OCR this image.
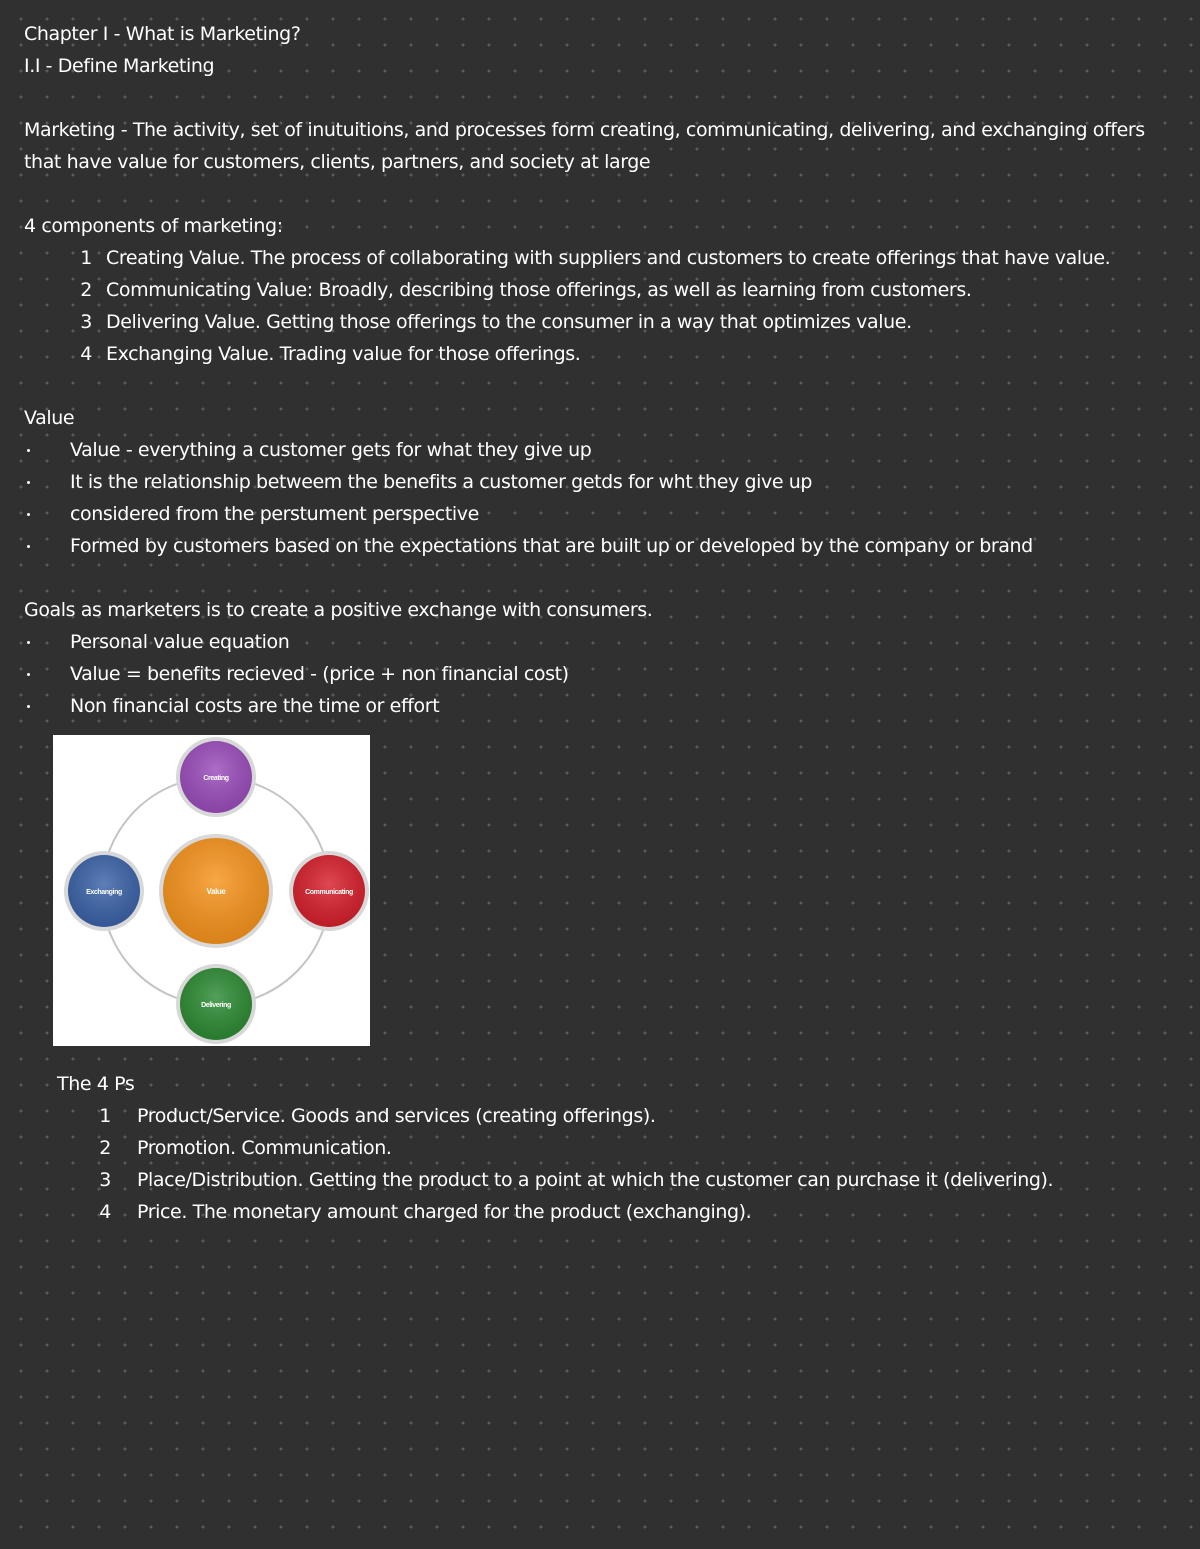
Chapter I - What is Marketing?
I.I - Define Marketing
Marketing - The activity, set of inutuitions, and processes form creating, communicating, delivering, and exchanging offers that have value for customers, clients, partners, and society at large
4 components of marketing:
1 Creating Value. The process of collaborating with suppliers and customers to create offerings that have value.
2 Communicating Value: Broadly, describing those offerings, as well as learning from customers.
3 Delivering Value. Getting those offerings to the consumer in a way that optimizes value.
4 Exchanging Value. Trading value for those offerings.
Value
Value - everything a customer gets for what they give up
It is the relationship betweem the benefits a customer getds for wht they give up
considered from the perstument perspective
Formed by customers based on the expectations that are built up or developed by the company or brand
Goals as marketers is to create a positive exchange with consumers.
Personal value equation
Value = benefits recieved - (price + non financial cost)
Non financial costs are the time or effort
Value
Creating
Communicating
Delivering
Exchanging
The 4 Ps
1	Product/Service. Goods and services (creating offerings).
2	Promotion. Communication.
3	Place/Distribution. Getting the product to a point at which the customer can purchase it (delivering).
4	Price. The monetary amount charged for the product (exchanging).
